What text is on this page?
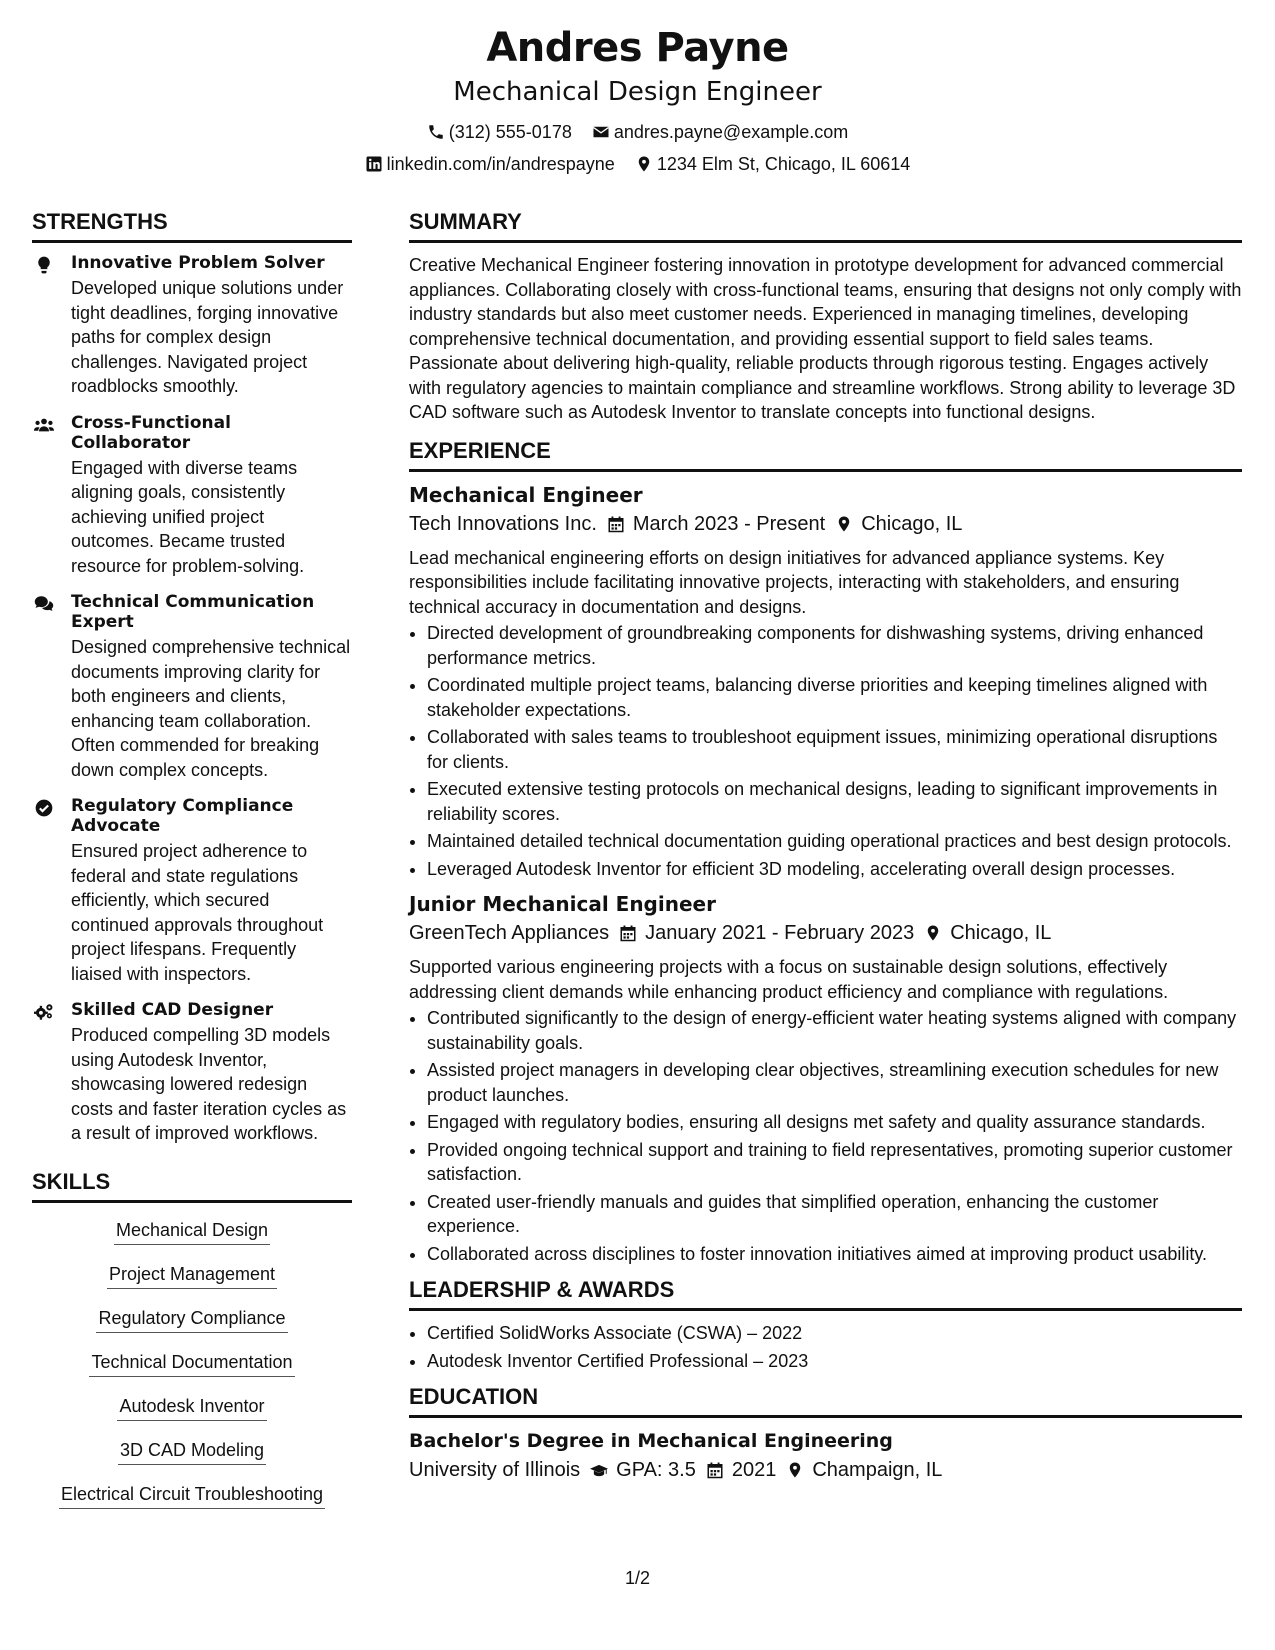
Andres Payne
Mechanical Design Engineer
(312) 555-0178 andres.payne@example.com
linkedin.com/in/andrespayne 1234 Elm St, Chicago, IL 60614
STRENGTHS
Innovative Problem Solver
Developed unique solutions under tight deadlines, forging innovative paths for complex design challenges. Navigated project roadblocks smoothly.
Cross-Functional Collaborator
Engaged with diverse teams aligning goals, consistently achieving unified project outcomes. Became trusted resource for problem-solving.
Technical Communication Expert
Designed comprehensive technical documents improving clarity for both engineers and clients, enhancing team collaboration. Often commended for breaking down complex concepts.
Regulatory Compliance Advocate
Ensured project adherence to federal and state regulations efficiently, which secured continued approvals throughout project lifespans. Frequently liaised with inspectors.
Skilled CAD Designer
Produced compelling 3D models using Autodesk Inventor, showcasing lowered redesign costs and faster iteration cycles as a result of improved workflows.
SKILLS
Mechanical Design
Project Management
Regulatory Compliance
Technical Documentation
Autodesk Inventor
3D CAD Modeling
Electrical Circuit Troubleshooting
SUMMARY

Creative Mechanical Engineer fostering innovation in prototype development for advanced commercial appliances. Collaborating closely with cross-functional teams, ensuring that designs not only comply with industry standards but also meet customer needs. Experienced in managing timelines, developing comprehensive technical documentation, and providing essential support to field sales teams. Passionate about delivering high-quality, reliable products through rigorous testing. Engages actively with regulatory agencies to maintain compliance and streamline workflows. Strong ability to leverage 3D CAD software such as Autodesk Inventor to translate concepts into functional designs.

EXPERIENCE
Mechanical Engineer
Tech Innovations Inc. March 2023 - Present Chicago, IL

Lead mechanical engineering efforts on design initiatives for advanced appliance systems. Key responsibilities include facilitating innovative projects, interacting with stakeholders, and ensuring technical accuracy in documentation and designs.

• Directed development of groundbreaking components for dishwashing systems, driving enhanced performance metrics.
• Coordinated multiple project teams, balancing diverse priorities and keeping timelines aligned with stakeholder expectations.
• Collaborated with sales teams to troubleshoot equipment issues, minimizing operational disruptions for clients.
• Executed extensive testing protocols on mechanical designs, leading to significant improvements in reliability scores.
• Maintained detailed technical documentation guiding operational practices and best design protocols.
• Leveraged Autodesk Inventor for efficient 3D modeling, accelerating overall design processes.
Junior Mechanical Engineer
GreenTech Appliances January 2021 - February 2023 Chicago, IL

Supported various engineering projects with a focus on sustainable design solutions, effectively addressing client demands while enhancing product efficiency and compliance with regulations.

• Contributed significantly to the design of energy-efficient water heating systems aligned with company sustainability goals.
• Assisted project managers in developing clear objectives, streamlining execution schedules for new product launches.
• Engaged with regulatory bodies, ensuring all designs met safety and quality assurance standards.
• Provided ongoing technical support and training to field representatives, promoting superior customer satisfaction.
• Created user-friendly manuals and guides that simplified operation, enhancing the customer experience.
• Collaborated across disciplines to foster innovation initiatives aimed at improving product usability.
LEADERSHIP & AWARDS
• Certified SolidWorks Associate (CSWA) – 2022
• Autodesk Inventor Certified Professional – 2023
EDUCATION
Bachelor's Degree in Mechanical Engineering
University of Illinois GPA: 3.5 2021 Champaign, IL
1/2
